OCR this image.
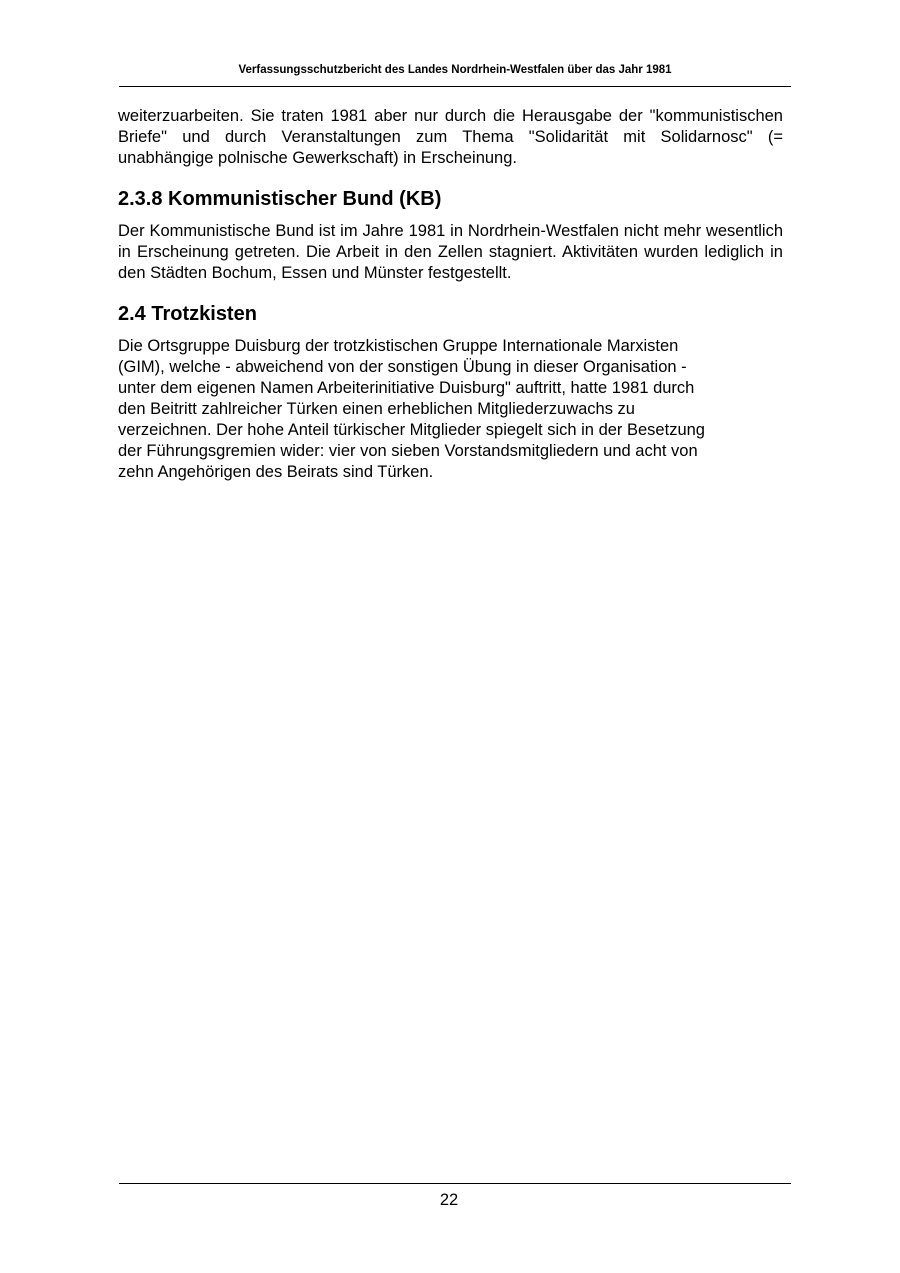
Verfassungsschutzbericht des Landes Nordrhein-Westfalen über das Jahr 1981

weiterzuarbeiten. Sie traten 1981 aber nur durch die Herausgabe der "kommunistischen Briefe" und durch Veranstaltungen zum Thema "Solidarität mit Solidarnosc" (= unabhängige polnische Gewerkschaft) in Erscheinung.

2.3.8 Kommunistischer Bund (KB)

Der Kommunistische Bund ist im Jahre 1981 in Nordrhein-Westfalen nicht mehr wesentlich in Erscheinung getreten. Die Arbeit in den Zellen stagniert. Aktivitäten wurden lediglich in den Städten Bochum, Essen und Münster festgestellt.

2.4 Trotzkisten

Die Ortsgruppe Duisburg der trotzkistischen Gruppe Internationale Marxisten
(GIM), welche - abweichend von der sonstigen Übung in dieser Organisation -
unter dem eigenen Namen Arbeiterinitiative Duisburg" auftritt, hatte 1981 durch
den Beitritt zahlreicher Türken einen erheblichen Mitgliederzuwachs zu
verzeichnen. Der hohe Anteil türkischer Mitglieder spiegelt sich in der Besetzung
der Führungsgremien wider: vier von sieben Vorstandsmitgliedern und acht von
zehn Angehörigen des Beirats sind Türken.

22
